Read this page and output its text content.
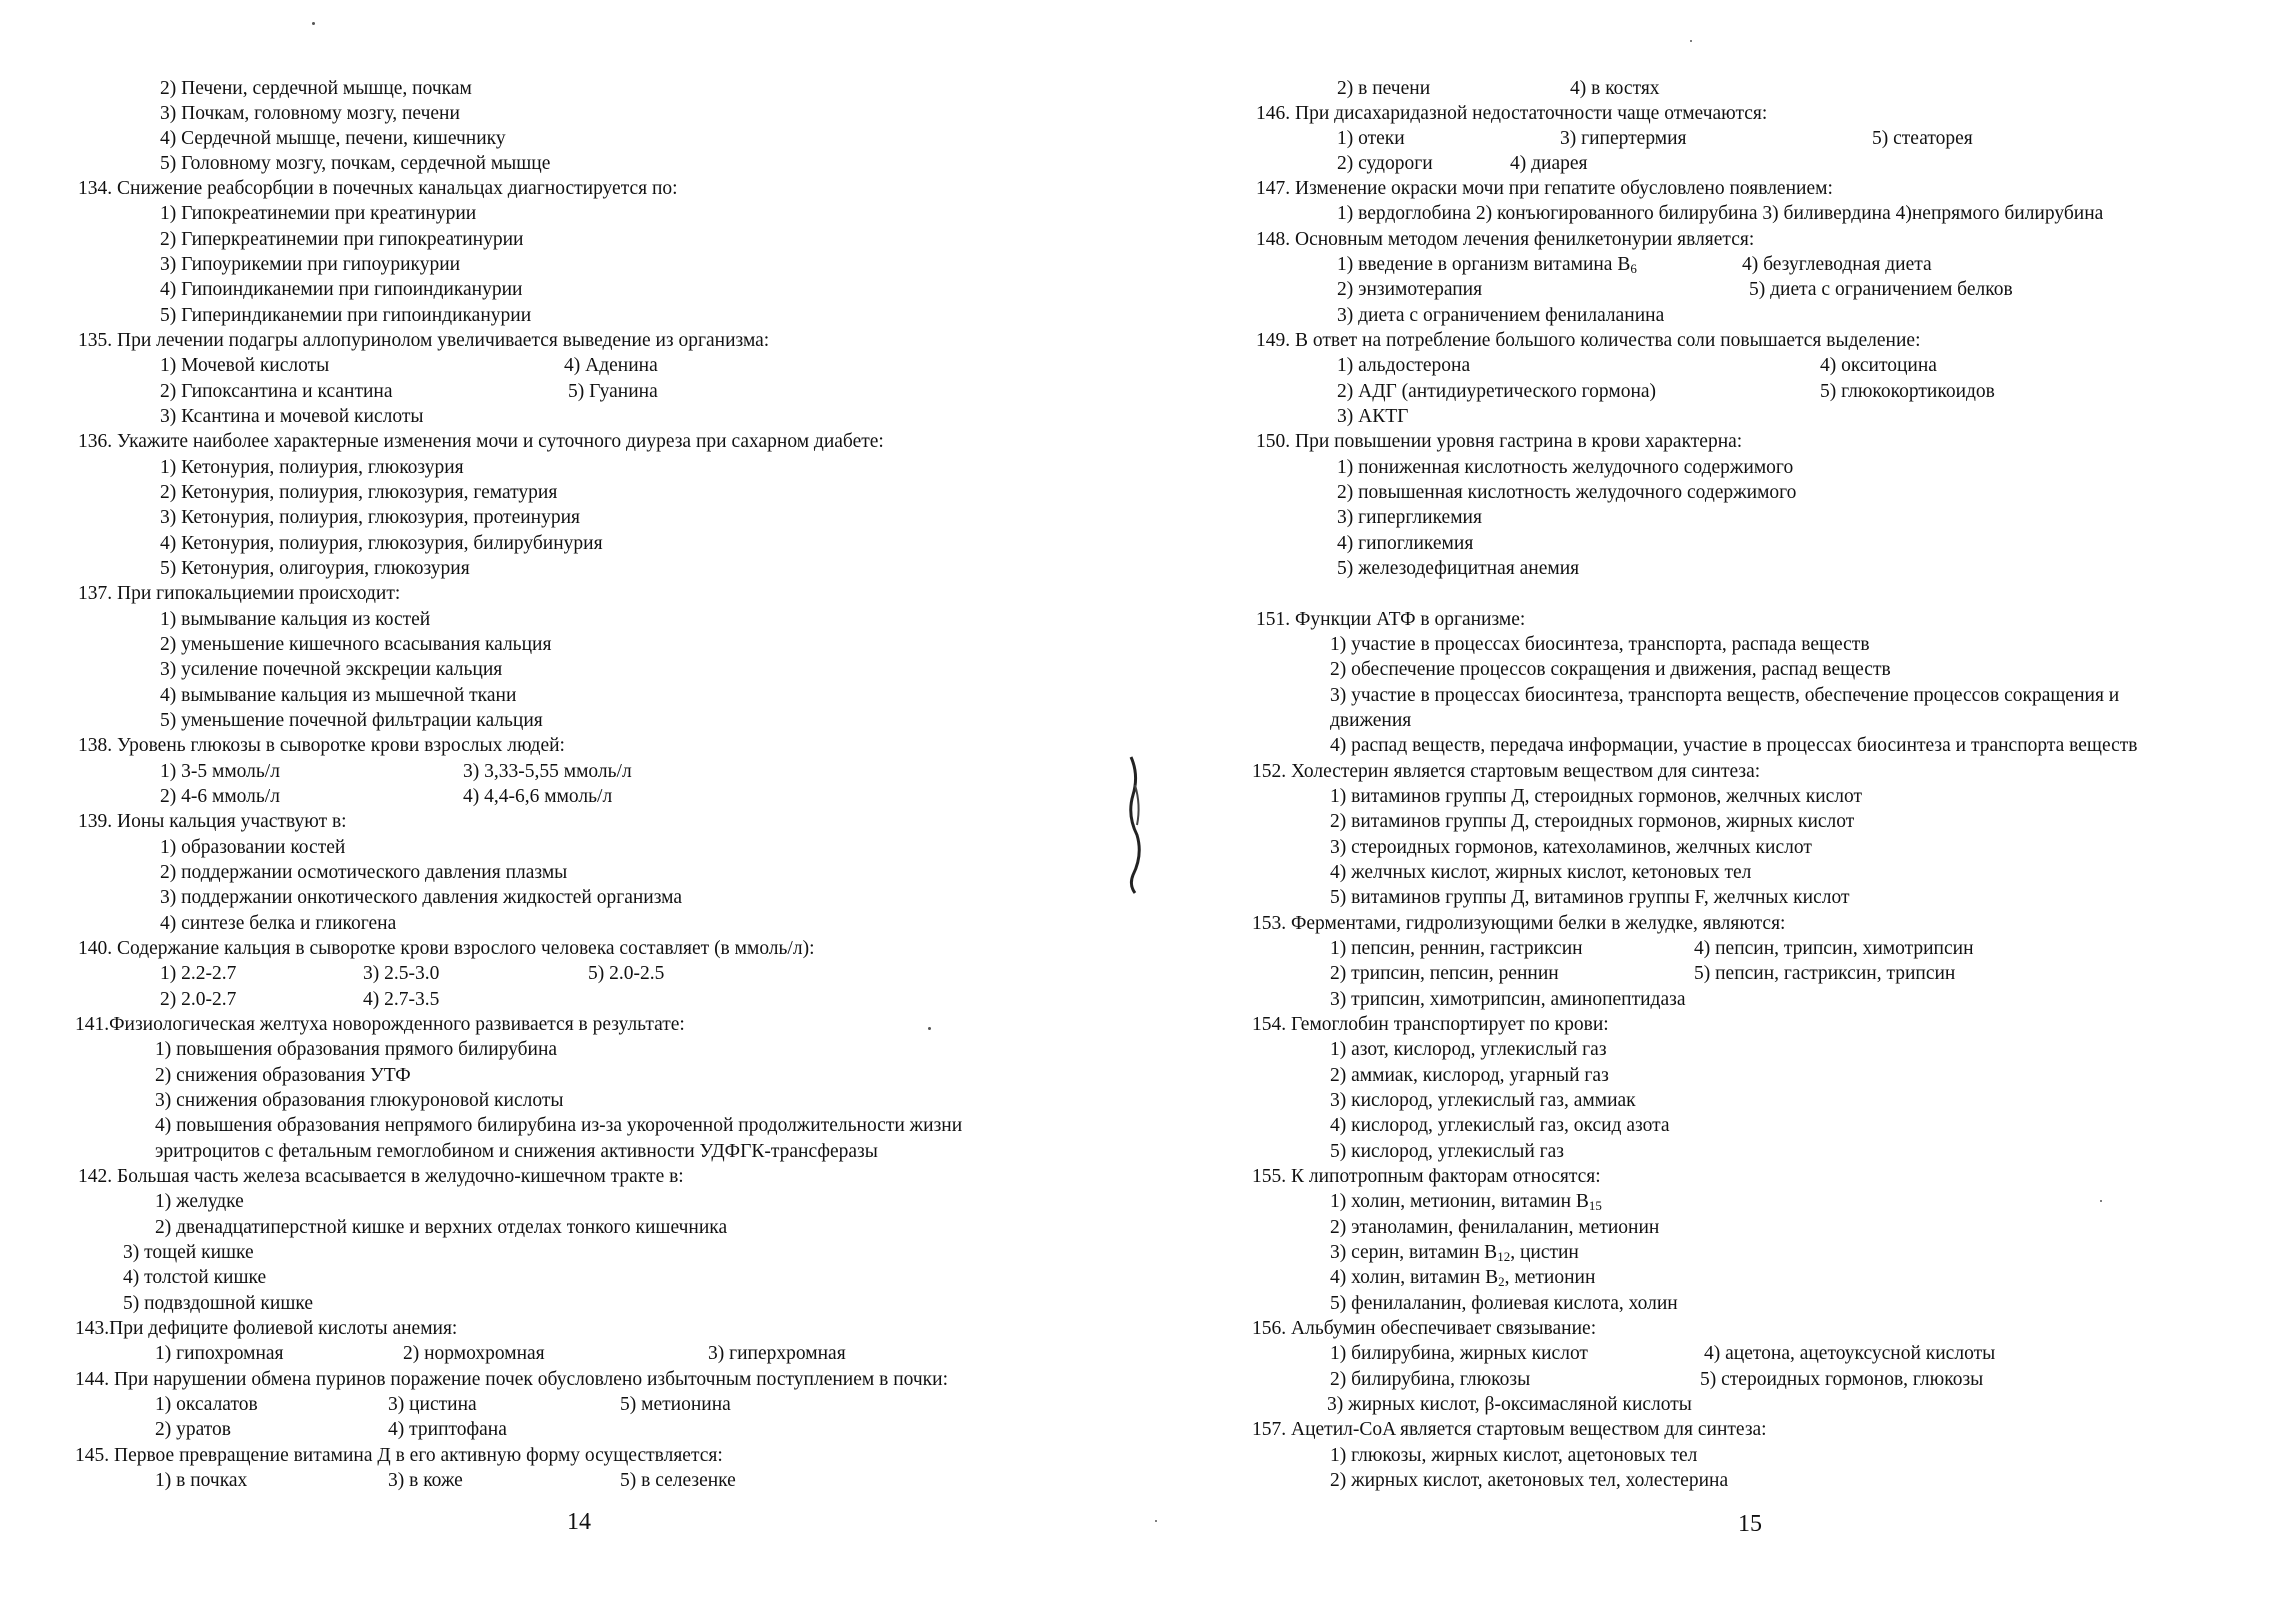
2) Печени, сердечной мышце, почкам
3) Почкам, головному мозгу, печени
4) Сердечной мышце, печени, кишечнику
5) Головному мозгу, почкам, сердечной мышце
134. Снижение реабсорбции в почечных канальцах диагностируется по:
1) Гипокреатинемии при креатинурии
2) Гиперкреатинемии при гипокреатинурии
3) Гипоурикемии при гипоурикурии
4) Гипоиндиканемии при гипоиндиканурии
5) Гипериндиканемии при гипоиндиканурии
135. При лечении подагры аллопуринолом увеличивается выведение из организма:
1) Мочевой кислоты	4) Аденина
2) Гипоксантина и ксантина	5) Гуанина
3) Ксантина и мочевой кислоты
136. Укажите наиболее характерные изменения мочи и суточного диуреза при сахарном диабете:
1) Кетонурия, полиурия, глюкозурия
2) Кетонурия, полиурия, глюкозурия, гематурия
3) Кетонурия, полиурия, глюкозурия, протеинурия
4) Кетонурия, полиурия, глюкозурия, билирубинурия
5) Кетонурия, олигоурия, глюкозурия
137. При гипокальциемии происходит:
1) вымывание кальция из костей
2) уменьшение кишечного всасывания кальция
3) усиление почечной экскреции кальция
4) вымывание кальция из мышечной ткани
5) уменьшение почечной фильтрации кальция
138. Уровень глюкозы в сыворотке крови взрослых людей:
1) 3-5 ммоль/л	3) 3,33-5,55 ммоль/л
2) 4-6 ммоль/л	4) 4,4-6,6 ммоль/л
139. Ионы кальция участвуют в:
1) образовании костей
2) поддержании осмотического давления плазмы
3) поддержании онкотического давления жидкостей организма
4) синтезе белка и гликогена
140. Содержание кальция в сыворотке крови взрослого человека составляет (в ммоль/л):
1) 2.2-2.7	3) 2.5-3.0	5) 2.0-2.5
2) 2.0-2.7	4) 2.7-3.5
141.Физиологическая желтуха новорожденного развивается в результате:
1) повышения образования прямого билирубина
2) снижения образования УТФ
3) снижения образования глюкуроновой кислоты
4) повышения образования непрямого билирубина из-за укороченной продолжительности жизни
эритроцитов с фетальным гемоглобином и снижения активности УДФГК-трансферазы
142. Большая часть железа всасывается в желудочно-кишечном тракте в:
1) желудке
2) двенадцатиперстной кишке и верхних отделах тонкого кишечника
3) тощей кишке
4) толстой кишке
5) подвздошной кишке
143.При дефиците фолиевой кислоты анемия:
1) гипохромная	2) нормохромная	3) гиперхромная
144. При нарушении обмена пуринов поражение почек обусловлено избыточным поступлением в почки:
1) оксалатов	3) цистина	5) метионина
2) уратов	4) триптофана
145. Первое превращение витамина Д в его активную форму осуществляется:
1) в почках	3) в коже	5) в селезенке
14
2) в печени	4) в костях
146. При дисахаридазной недостаточности чаще отмечаются:
1) отеки	3) гипертермия	5) стеаторея
2) судороги	4) диарея
147. Изменение окраски мочи при гепатите обусловлено появлением:
1) вердоглобина 2) конъюгированного билирубина 3) биливердина 4)непрямого билирубина
148. Основным методом лечения фенилкетонурии является:
1) введение в организм витамина $В_6$	4) безуглеводная диета
2) энзимотерапия	5) диета с ограничением белков
3) диета с ограничением фенилаланина
149. В ответ на потребление большого количества соли повышается выделение:
1) альдостерона	4) окситоцина
2) АДГ (антидиуретического гормона)	5) глюкокортикоидов
3) АКТГ
150. При повышении уровня гастрина в крови характерна:
1) пониженная кислотность желудочного содержимого
2) повышенная кислотность желудочного содержимого
3) гипергликемия
4) гипогликемия
5) железодефицитная анемия
151. Функции АТФ в организме:
1) участие в процессах биосинтеза, транспорта, распада веществ
2) обеспечение процессов сокращения и движения, распад веществ
3) участие в процессах биосинтеза, транспорта веществ, обеспечение процессов сокращения и
движения
4) распад веществ, передача информации, участие в процессах биосинтеза и транспорта веществ
152. Холестерин является стартовым веществом для синтеза:
1) витаминов группы Д, стероидных гормонов, желчных кислот
2) витаминов группы Д, стероидных гормонов, жирных кислот
3) стероидных гормонов, катехоламинов, желчных кислот
4) желчных кислот, жирных кислот, кетоновых тел
5) витаминов группы Д, витаминов группы F, желчных кислот
153. Ферментами, гидролизующими белки в желудке, являются:
1) пепсин, реннин, гастриксин	4) пепсин, трипсин, химотрипсин
2) трипсин, пепсин, реннин	5) пепсин, гастриксин, трипсин
3) трипсин, химотрипсин, аминопептидаза
154. Гемоглобин транспортирует по крови:
1) азот, кислород, углекислый газ
2) аммиак, кислород, угарный газ
3) кислород, углекислый газ, аммиак
4) кислород, углекислый газ, оксид азота
5) кислород, углекислый газ
155. К липотропным факторам относятся:
1) холин, метионин, витамин $В_{15}$
2) этаноламин, фенилаланин, метионин
3) серин, витамин $В_{12}$, цистин
4) холин, витамин $В_2$, метионин
5) фенилаланин, фолиевая кислота, холин
156. Альбумин обеспечивает связывание:
1) билирубина, жирных кислот	4) ацетона, ацетоуксусной кислоты
2) билирубина, глюкозы	5) стероидных гормонов, глюкозы
3) жирных кислот, β-оксимасляной кислоты
157. Ацетил-CoA является стартовым веществом для синтеза:
1) глюкозы, жирных кислот, ацетоновых тел
2) жирных кислот, акетоновых тел, холестерина
15
